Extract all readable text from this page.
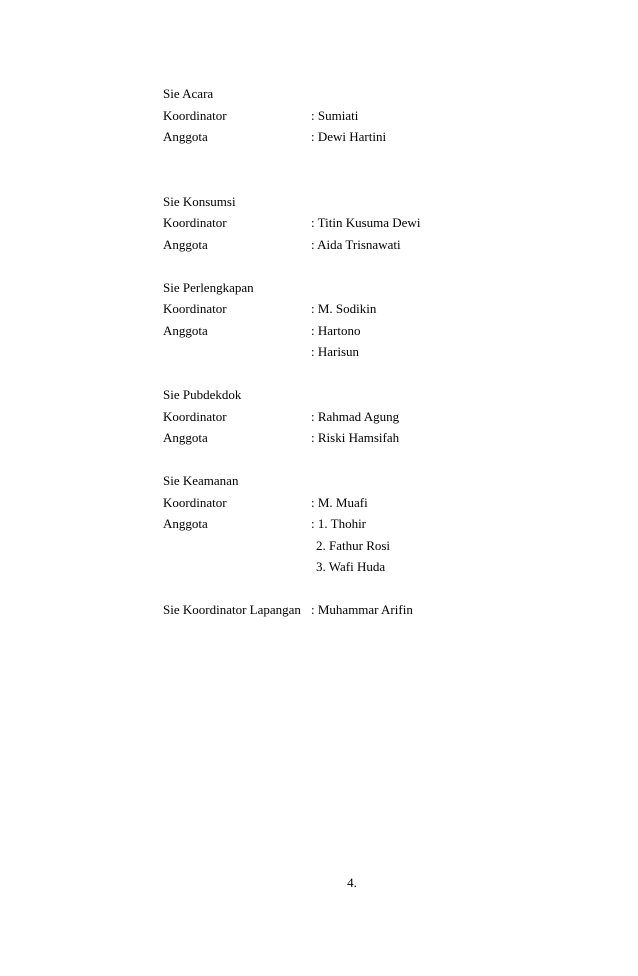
Sie Acara
Koordinator	: Sumiati
Anggota	: Dewi Hartini
Sie Konsumsi
Koordinator	: Titin Kusuma Dewi
Anggota	: Aida Trisnawati
Sie Perlengkapan
Koordinator	: M. Sodikin
Anggota	: Hartono
: Harisun
Sie Pubdekdok
Koordinator	: Rahmad Agung
Anggota	: Riski Hamsifah
Sie Keamanan
Koordinator	: M. Muafi
Anggota	: 1. Thohir
2. Fathur Rosi
3. Wafi Huda
Sie Koordinator Lapangan : Muhammar Arifin
4.
